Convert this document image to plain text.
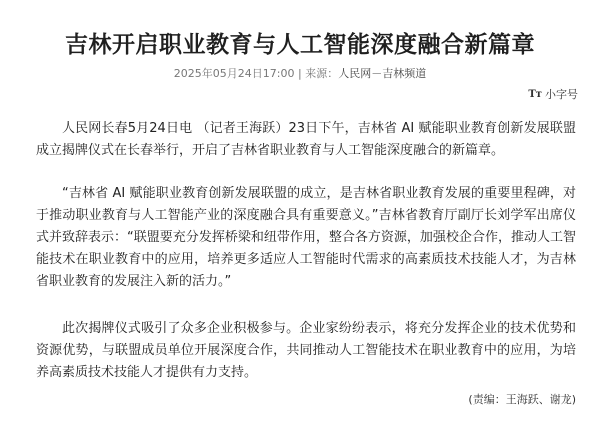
吉林开启职业教育与人工智能深度融合新篇章
2025年05月24日17:00 | 来源：人民网－吉林频道
Tт 小字号

人民网长春5月24日电 （记者王海跃）23日下午，吉林省 AI 赋能职业教育创新发展联盟成立揭牌仪式在长春举行，开启了吉林省职业教育与人工智能深度融合的新篇章。

“吉林省 AI 赋能职业教育创新发展联盟的成立，是吉林省职业教育发展的重要里程碑，对于推动职业教育与人工智能产业的深度融合具有重要意义。”吉林省教育厅副厅长刘学军出席仪式并致辞表示：“联盟要充分发挥桥梁和纽带作用，整合各方资源，加强校企合作，推动人工智能技术在职业教育中的应用，培养更多适应人工智能时代需求的高素质技术技能人才，为吉林省职业教育的发展注入新的活力。”

此次揭牌仪式吸引了众多企业积极参与。企业家纷纷表示，将充分发挥企业的技术优势和资源优势，与联盟成员单位开展深度合作，共同推动人工智能技术在职业教育中的应用，为培养高素质技术技能人才提供有力支持。

(责编：王海跃、谢龙)
